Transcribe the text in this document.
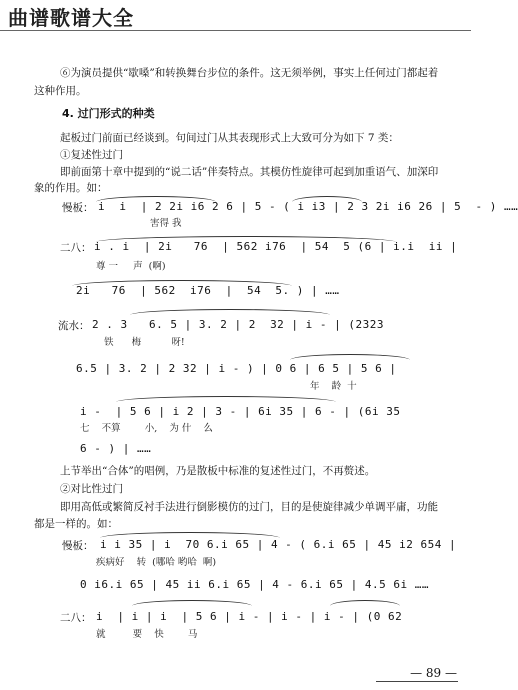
曲谱歌谱大全
⑥为演员提供“歇嗓”和转换舞台步位的条件。这无须举例，事实上任何过门都起着
这种作用。
4. 过门形式的种类
起板过门前面已经谈到。句间过门从其表现形式上大致可分为如下 7 类：
①复述性过门
即前面第十章中提到的“说二话”伴奏特点。其模仿性旋律可起到加重语气、加深印
象的作用。如：
慢板： i  i  | 2 2i i6 2 6 | 5 - ( i i3 | 2 3 2i i6 26 | 5  - ) ……
害得 我
二八： i . i  | 2i   76  | 562 i76  | 54  5 (6 | i.i  ii |
尊 一     声  (啊)
2i   76  | 562  i76  |  54  5. ) | ……
流水： 2 . 3   6. 5 | 3. 2 | 2  32 | i - | (2323
铁      梅          呀!
6.5 | 3. 2 | 2 32 | i - ) | 0 6 | 6 5 | 5 6 |
年    龄  十
i -  | 5 6 | i 2 | 3 - | 6i 35 | 6 - | (6i 35
七    不算        小,    为 什    么
6 - ) | ……
上节举出“合体”的唱例，乃是散板中标准的复述性过门，不再赘述。
②对比性过门
即用高低或繁简反衬手法进行倒影模仿的过门，目的是使旋律减少单调平庸，功能
都是一样的。如：
慢板： i i 35 | i  70 6.i 65 | 4 - ( 6.i 65 | 45 i2 654 |
疾病好    转  (哪哈 哟哈  啊)
0 i6.i 65 | 45 ii 6.i 65 | 4 - 6.i 65 | 4.5 6i ……
二八： i  | i | i  | 5 6 | i - | i - | i - | (0 62
就         要    快        马
— 89 —
